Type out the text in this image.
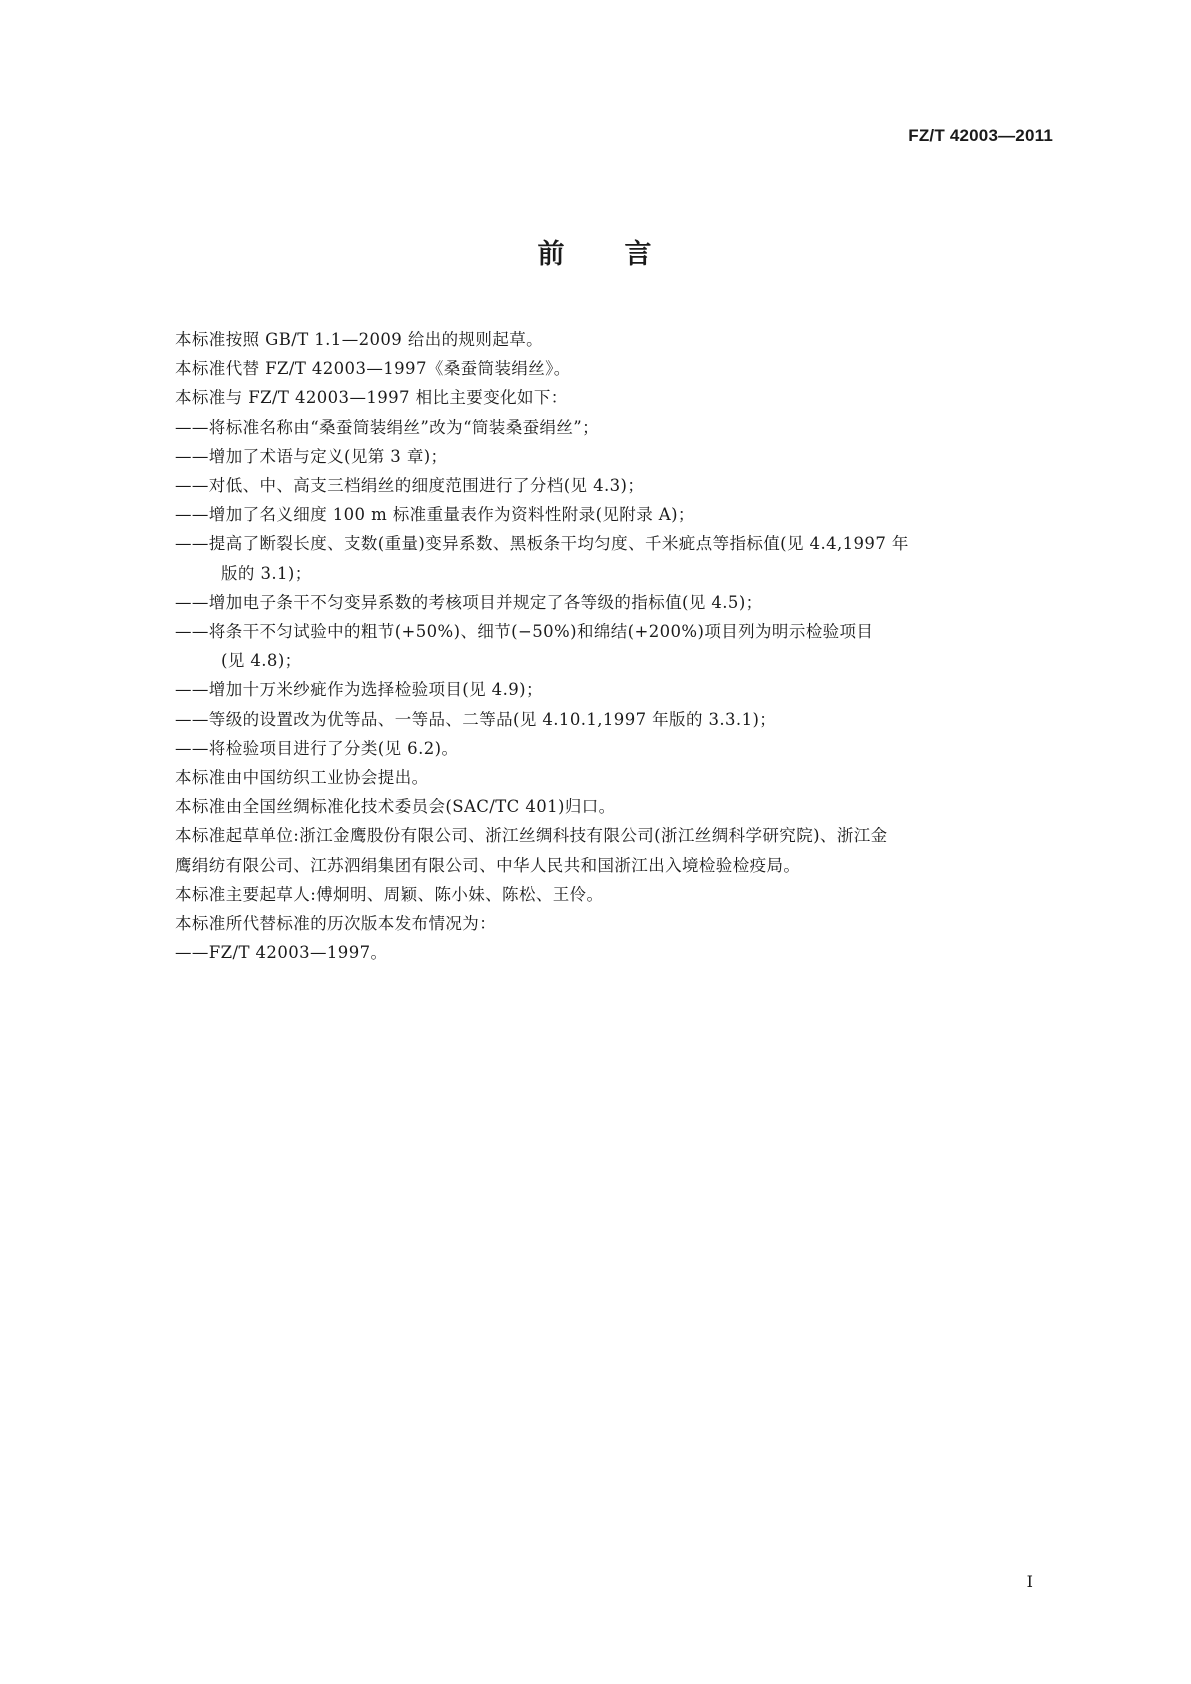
FZ/T 42003—2011
前 言
本标准按照 GB/T 1.1—2009 给出的规则起草。
本标准代替 FZ/T 42003—1997《桑蚕筒装绢丝》。
本标准与 FZ/T 42003—1997 相比主要变化如下：
——将标准名称由“桑蚕筒装绢丝”改为“筒装桑蚕绢丝”；
——增加了术语与定义(见第 3 章)；
——对低、中、高支三档绢丝的细度范围进行了分档(见 4.3)；
——增加了名义细度 100 m 标准重量表作为资料性附录(见附录 A)；
——提高了断裂长度、支数(重量)变异系数、黑板条干均匀度、千米疵点等指标值(见 4.4,1997 年
版的 3.1)；
——增加电子条干不匀变异系数的考核项目并规定了各等级的指标值(见 4.5)；
——将条干不匀试验中的粗节(+50%)、细节(−50%)和绵结(+200%)项目列为明示检验项目
(见 4.8)；
——增加十万米纱疵作为选择检验项目(见 4.9)；
——等级的设置改为优等品、一等品、二等品(见 4.10.1,1997 年版的 3.3.1)；
——将检验项目进行了分类(见 6.2)。
本标准由中国纺织工业协会提出。
本标准由全国丝绸标准化技术委员会(SAC/TC 401)归口。
本标准起草单位:浙江金鹰股份有限公司、浙江丝绸科技有限公司(浙江丝绸科学研究院)、浙江金
鹰绢纺有限公司、江苏泗绢集团有限公司、中华人民共和国浙江出入境检验检疫局。
本标准主要起草人:傅炯明、周颖、陈小妹、陈松、王伶。
本标准所代替标准的历次版本发布情况为：
——FZ/T 42003—1997。
I
